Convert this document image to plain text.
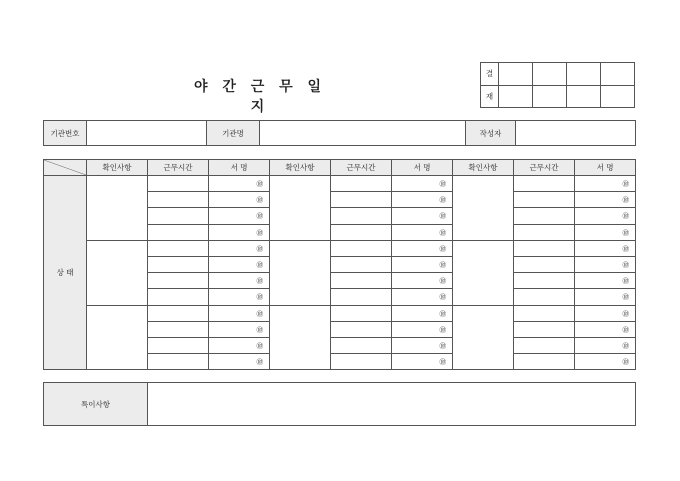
야 간 근 무 일 지
결				
재				
기관번호		기관명		작성자	
	확인사항	근무시간	서 명	확인사항	근무시간	서 명	확인사항	근무시간	서 명
상 태			㊞			㊞			㊞
			㊞			㊞			㊞
			㊞			㊞			㊞
			㊞			㊞			㊞
			㊞			㊞			㊞
			㊞			㊞			㊞
			㊞			㊞			㊞
			㊞			㊞			㊞
			㊞			㊞			㊞
			㊞			㊞			㊞
			㊞			㊞			㊞
			㊞			㊞			㊞
특이사항	
